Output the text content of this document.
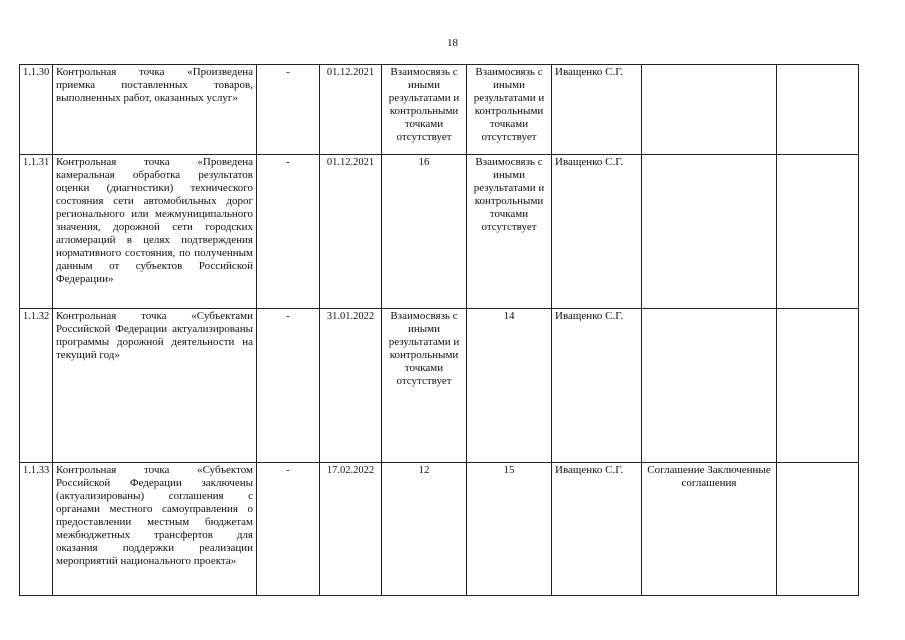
18
1.1.30	Контрольная точка «Произведена приемка поставленных товаров, выполненных работ, оказанных услуг»	-	01.12.2021	Взаимосвязь с иными результатами и контрольными точками отсутствует	Взаимосвязь с иными результатами и контрольными точками отсутствует	Иващенко С.Г.		
1.1.31	Контрольная точка «Проведена камеральная обработка результатов оценки (диагностики) технического состояния сети автомобильных дорог регионального или межмуниципального значения, дорожной сети городских агломераций в целях подтверждения нормативного состояния, по полученным данным от субъектов Российской Федерации»	-	01.12.2021	16	Взаимосвязь с иными результатами и контрольными точками отсутствует	Иващенко С.Г.		
1.1.32	Контрольная точка «Субъектами Российской Федерации актуализированы программы дорожной деятельности на текущий год»	-	31.01.2022	Взаимосвязь с иными результатами и контрольными точками отсутствует	14	Иващенко С.Г.		
1.1.33	Контрольная точка «Субъектом Российской Федерации заключены (актуализированы) соглашения с органами местного самоуправления о предоставлении местным бюджетам межбюджетных трансфертов для оказания поддержки реализации мероприятий национального проекта»	-	17.02.2022	12	15	Иващенко С.Г.	Соглашение Заключенные соглашения	
